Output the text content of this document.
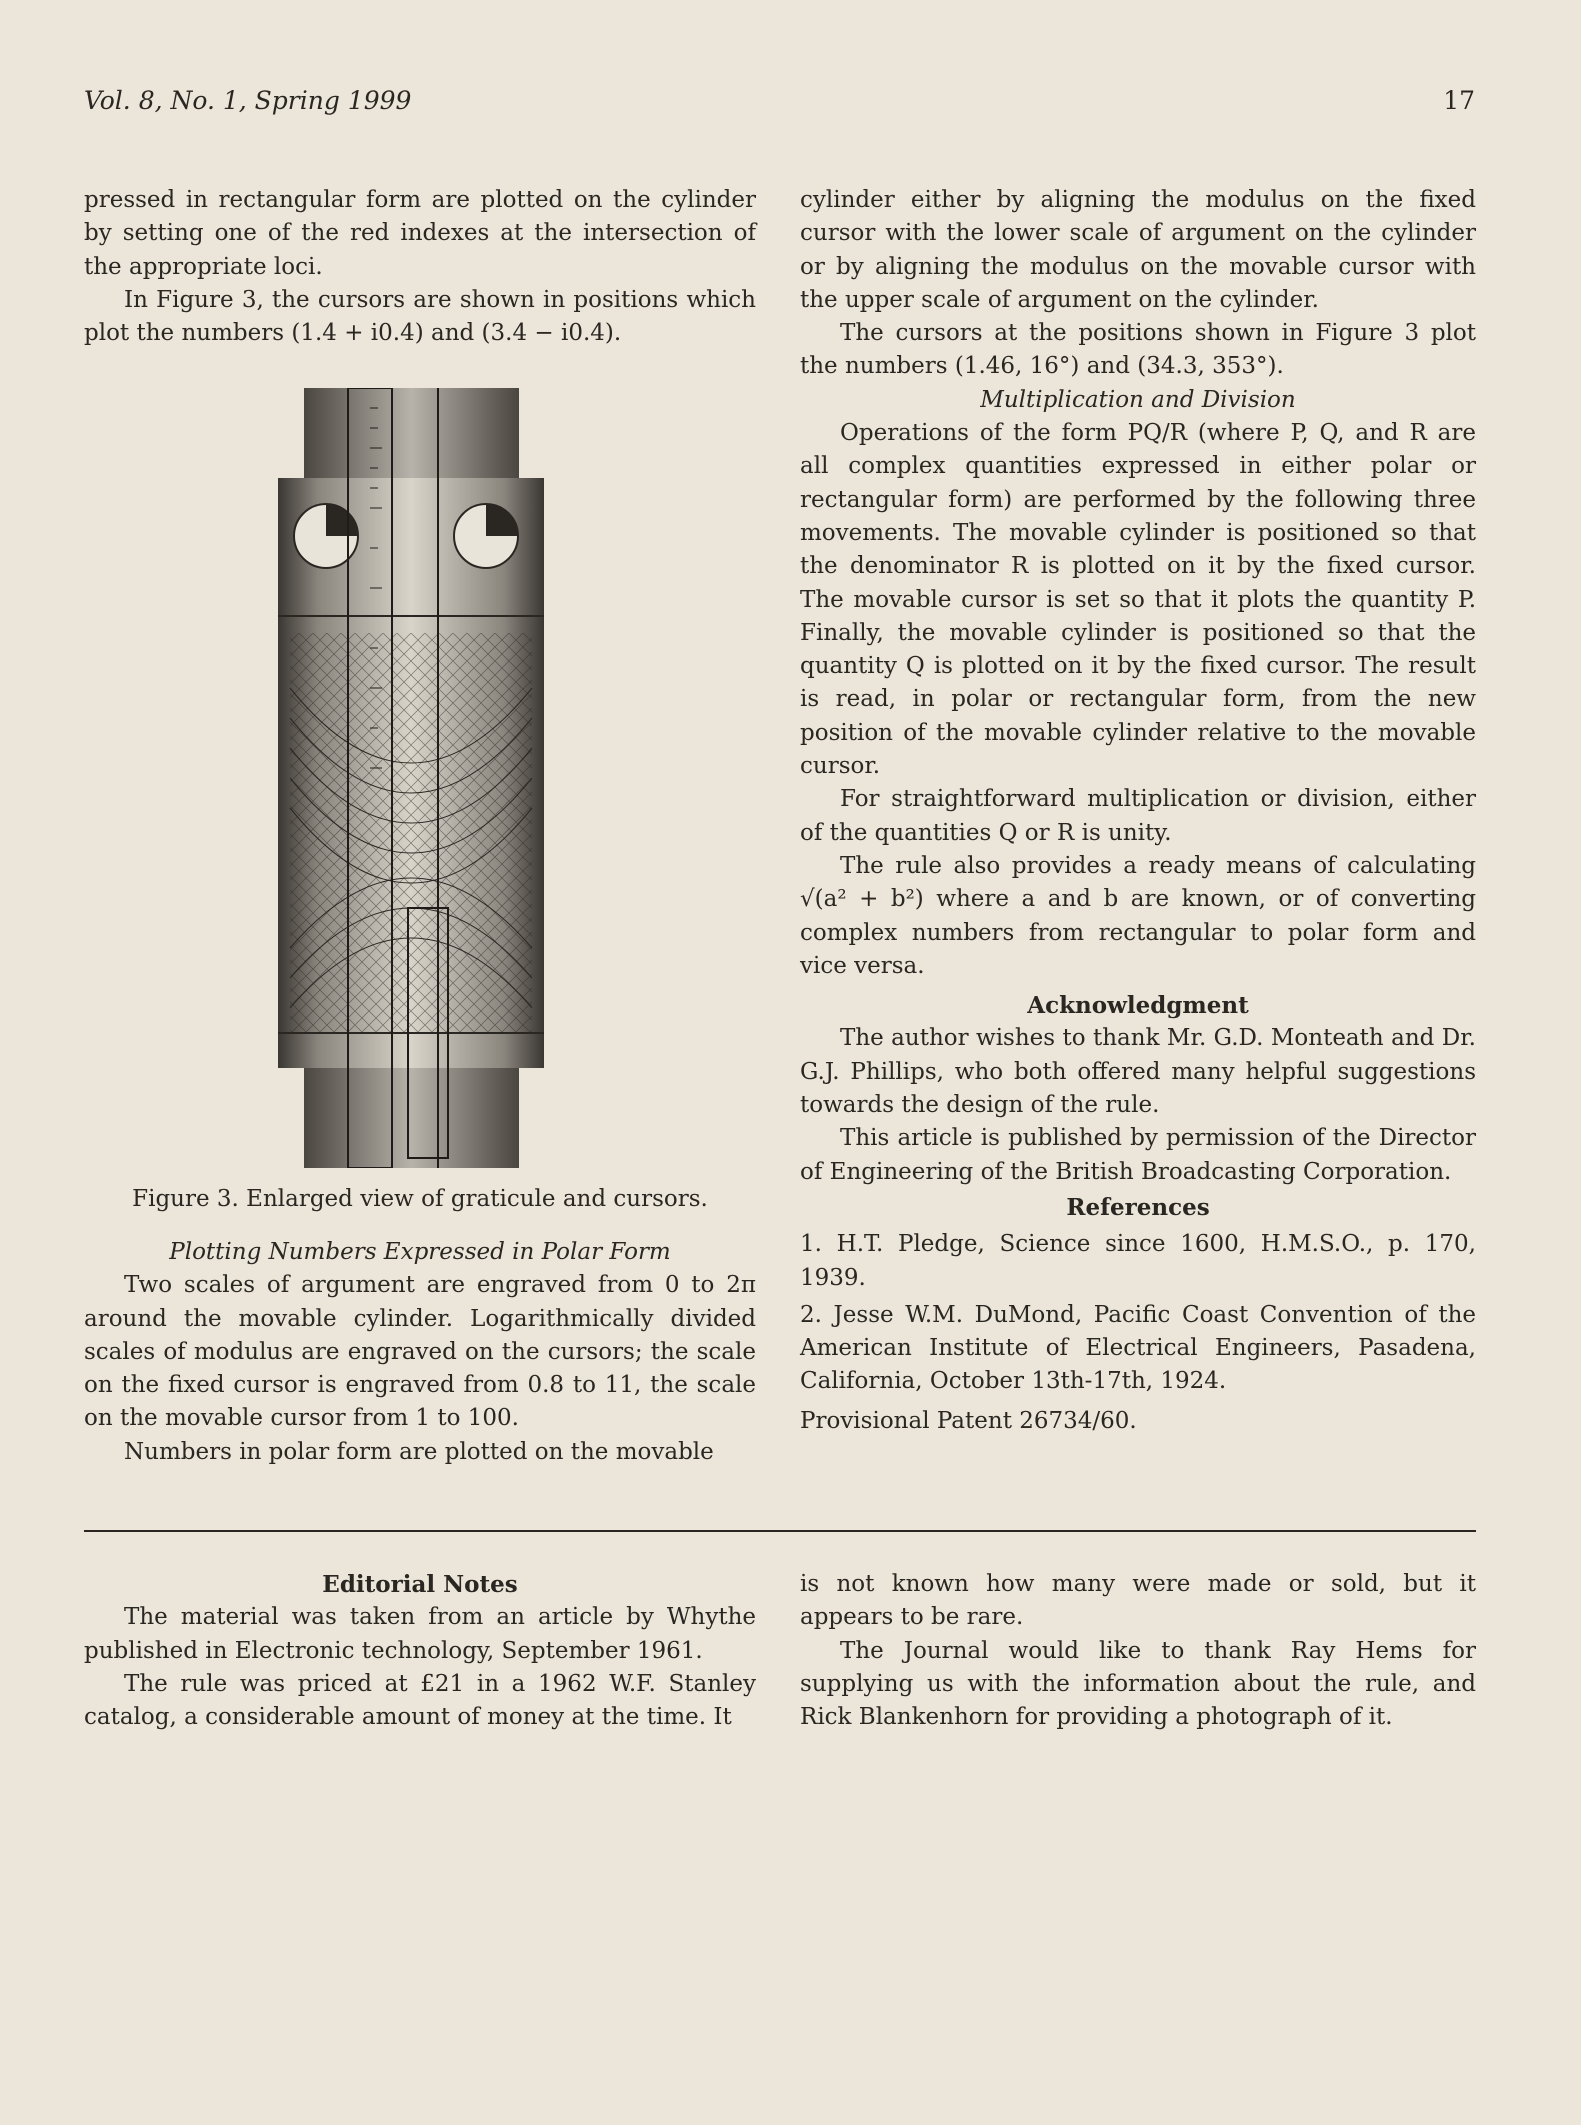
Vol. 8, No. 1, Spring 1999	17

pressed in rectangular form are plotted on the cylinder by setting one of the red indexes at the intersection of the appropriate loci.

In Figure 3, the cursors are shown in positions which plot the numbers (1.4 + i0.4) and (3.4 − i0.4).

Figure 3. Enlarged view of graticule and cursors.

Plotting Numbers Expressed in Polar Form

Two scales of argument are engraved from 0 to 2π around the movable cylinder. Logarithmically divided scales of modulus are engraved on the cursors; the scale on the fixed cursor is engraved from 0.8 to 11, the scale on the movable cursor from 1 to 100.

Numbers in polar form are plotted on the movable

cylinder either by aligning the modulus on the fixed cursor with the lower scale of argument on the cylinder or by aligning the modulus on the movable cursor with the upper scale of argument on the cylinder.

The cursors at the positions shown in Figure 3 plot the numbers (1.46, 16°) and (34.3, 353°).

Multiplication and Division

Operations of the form PQ/R (where P, Q, and R are all complex quantities expressed in either polar or rectangular form) are performed by the following three movements. The movable cylinder is positioned so that the denominator R is plotted on it by the fixed cursor. The movable cursor is set so that it plots the quantity P. Finally, the movable cylinder is positioned so that the quantity Q is plotted on it by the fixed cursor. The result is read, in polar or rectangular form, from the new position of the movable cylinder relative to the movable cursor.

For straightforward multiplication or division, either of the quantities Q or R is unity.

The rule also provides a ready means of calculating √(a² + b²) where a and b are known, or of converting complex numbers from rectangular to polar form and vice versa.

Acknowledgment

The author wishes to thank Mr. G.D. Monteath and Dr. G.J. Phillips, who both offered many helpful suggestions towards the design of the rule.

This article is published by permission of the Director of Engineering of the British Broadcasting Corporation.

References

1. H.T. Pledge, Science since 1600, H.M.S.O., p. 170, 1939.

2. Jesse W.M. DuMond, Pacific Coast Convention of the American Institute of Electrical Engineers, Pasadena, California, October 13th-17th, 1924.

Provisional Patent 26734/60.

Editorial Notes

The material was taken from an article by Whythe published in Electronic technology, September 1961.

The rule was priced at £21 in a 1962 W.F. Stanley catalog, a considerable amount of money at the time. It

is not known how many were made or sold, but it appears to be rare.

The Journal would like to thank Ray Hems for supplying us with the information about the rule, and Rick Blankenhorn for providing a photograph of it.
